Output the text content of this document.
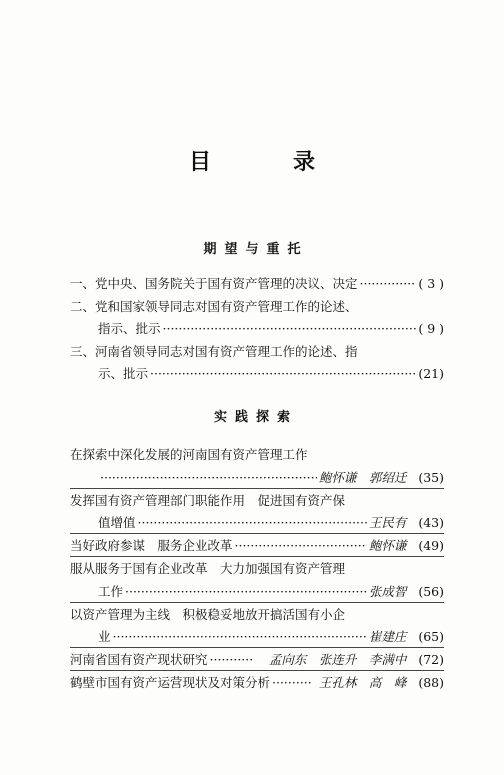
目　录
期望与重托
一、党中央、国务院关于国有资产管理的决议、决定 ·····	( 3 )
二、党和国家领导同志对国有资产管理工作的论述、
指示、批示 ·····	( 9 )
三、河南省领导同志对国有资产管理工作的论述、指
示、批示 ·····	(21)
实践探索
在探索中深化发展的河南国有资产管理工作
·····
鲍怀谦　郭绍迁 (35)
发挥国有资产管理部门职能作用　促进国有资产保
值增值 ·····	王民有 (43)
当好政府参谋　服务企业改革 ·····	鲍怀谦 (49)
服从服务于国有企业改革　大力加强国有资产管理
工作 ·····	张成智 (56)
以资产管理为主线　积极稳妥地放开搞活国有小企
业 ·····	崔建庄 (65)
河南省国有资产现状研究 ·····	孟向东　张连升　李满中 (72)
鹤壁市国有资产运营现状及对策分析 ·····	王孔林　高　峰 (88)
